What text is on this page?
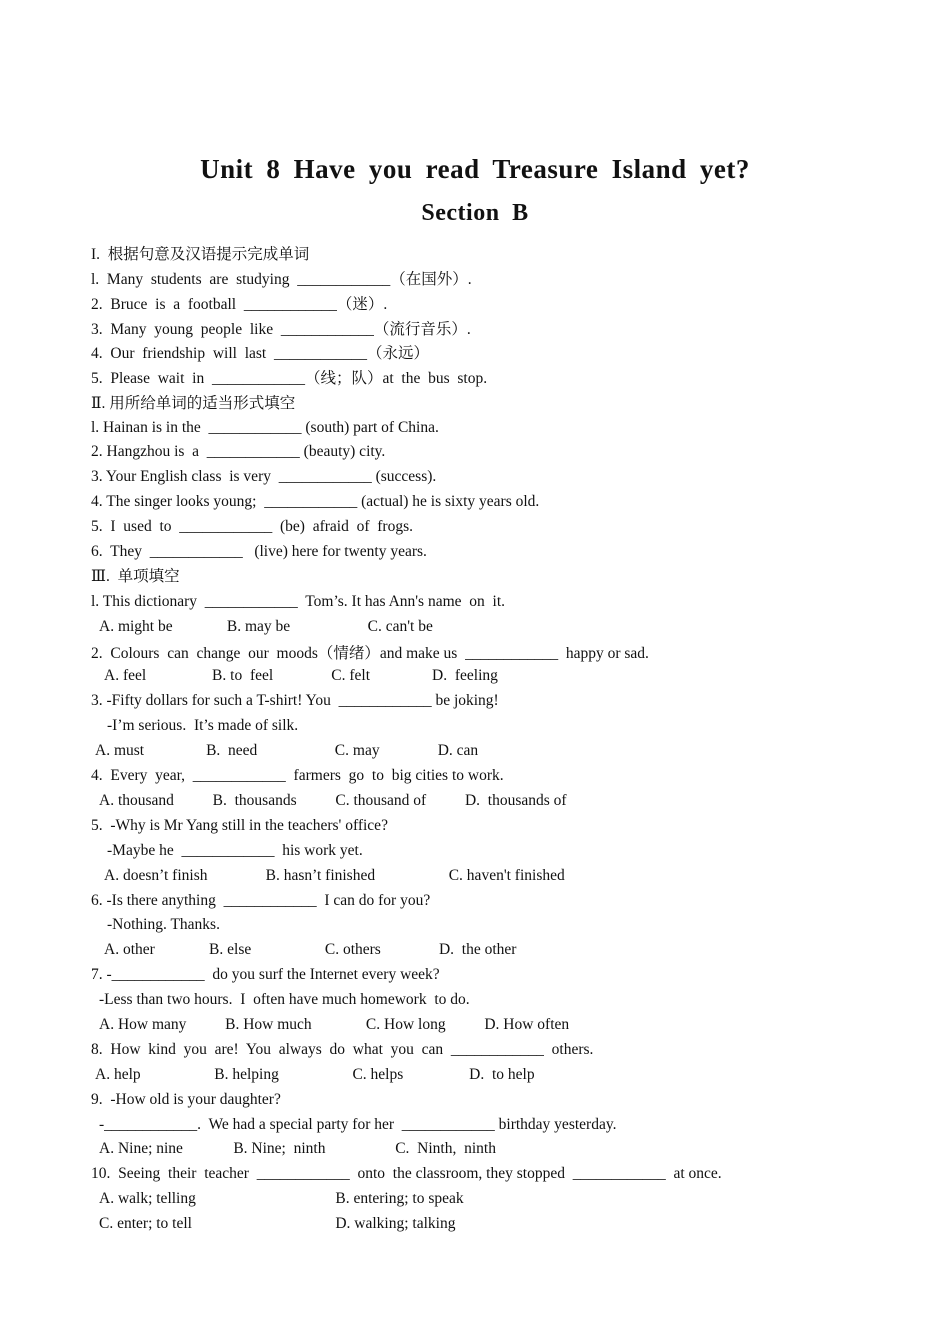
Unit 8 Have you read Treasure Island yet?
Section B
I.  根据句意及汉语提示完成单词
l.  Many  students  are  studying  ____________（在国外）.
2.  Bruce  is  a  football  ____________（迷）.
3.  Many  young  people  like  ____________（流行音乐）.
4.  Our  friendship  will  last  ____________（永远）
5.  Please  wait  in  ____________（线；队）at  the  bus  stop.
Ⅱ. 用所给单词的适当形式填空
l. Hainan is in the  ____________ (south) part of China.
2. Hangzhou is  a  ____________ (beauty) city.
3. Your English class  is very  ____________ (success).
4. The singer looks young;  ____________ (actual) he is sixty years old.
5.  I  used  to  ____________  (be)  afraid  of  frogs.
6.  They  ____________   (live) here for twenty years.
Ⅲ.  单项填空
l. This dictionary  ____________  Tom’s. It has Ann's name  on  it.
A. might be              B. may be                    C. can't be
2.  Colours  can  change  our  moods（情绪）and make us  ____________  happy or sad.
A. feel                 B. to  feel               C. felt                D.  feeling
3. -Fifty dollars for such a T-shirt! You  ____________ be joking!
-I’m serious.  It’s made of silk.
A. must                B.  need                    C. may               D. can
4.  Every  year,  ____________  farmers  go  to  big cities to work.
A. thousand          B.  thousands          C. thousand of          D.  thousands of
5.  -Why is Mr Yang still in the teachers' office?
-Maybe he  ____________  his work yet.
A. doesn’t finish               B. hasn’t finished                   C. haven't finished
6. -Is there anything  ____________  I can do for you?
-Nothing. Thanks.
A. other              B. else                   C. others               D.  the other
7. -____________  do you surf the Internet every week?
-Less than two hours.  I  often have much homework  to do.
A. How many          B. How much              C. How long          D. How often
8.  How  kind  you  are!  You  always  do  what  you  can  ____________  others.
A. help                   B. helping                   C. helps                 D.  to help
9.  -How old is your daughter?
-____________.  We had a special party for her  ____________ birthday yesterday.
A. Nine; nine             B. Nine;  ninth                  C.  Ninth,  ninth
10.  Seeing  their  teacher  ____________  onto  the classroom, they stopped  ____________  at once.
A. walk; telling                                    B. entering; to speak
C. enter; to tell                                     D. walking; talking
